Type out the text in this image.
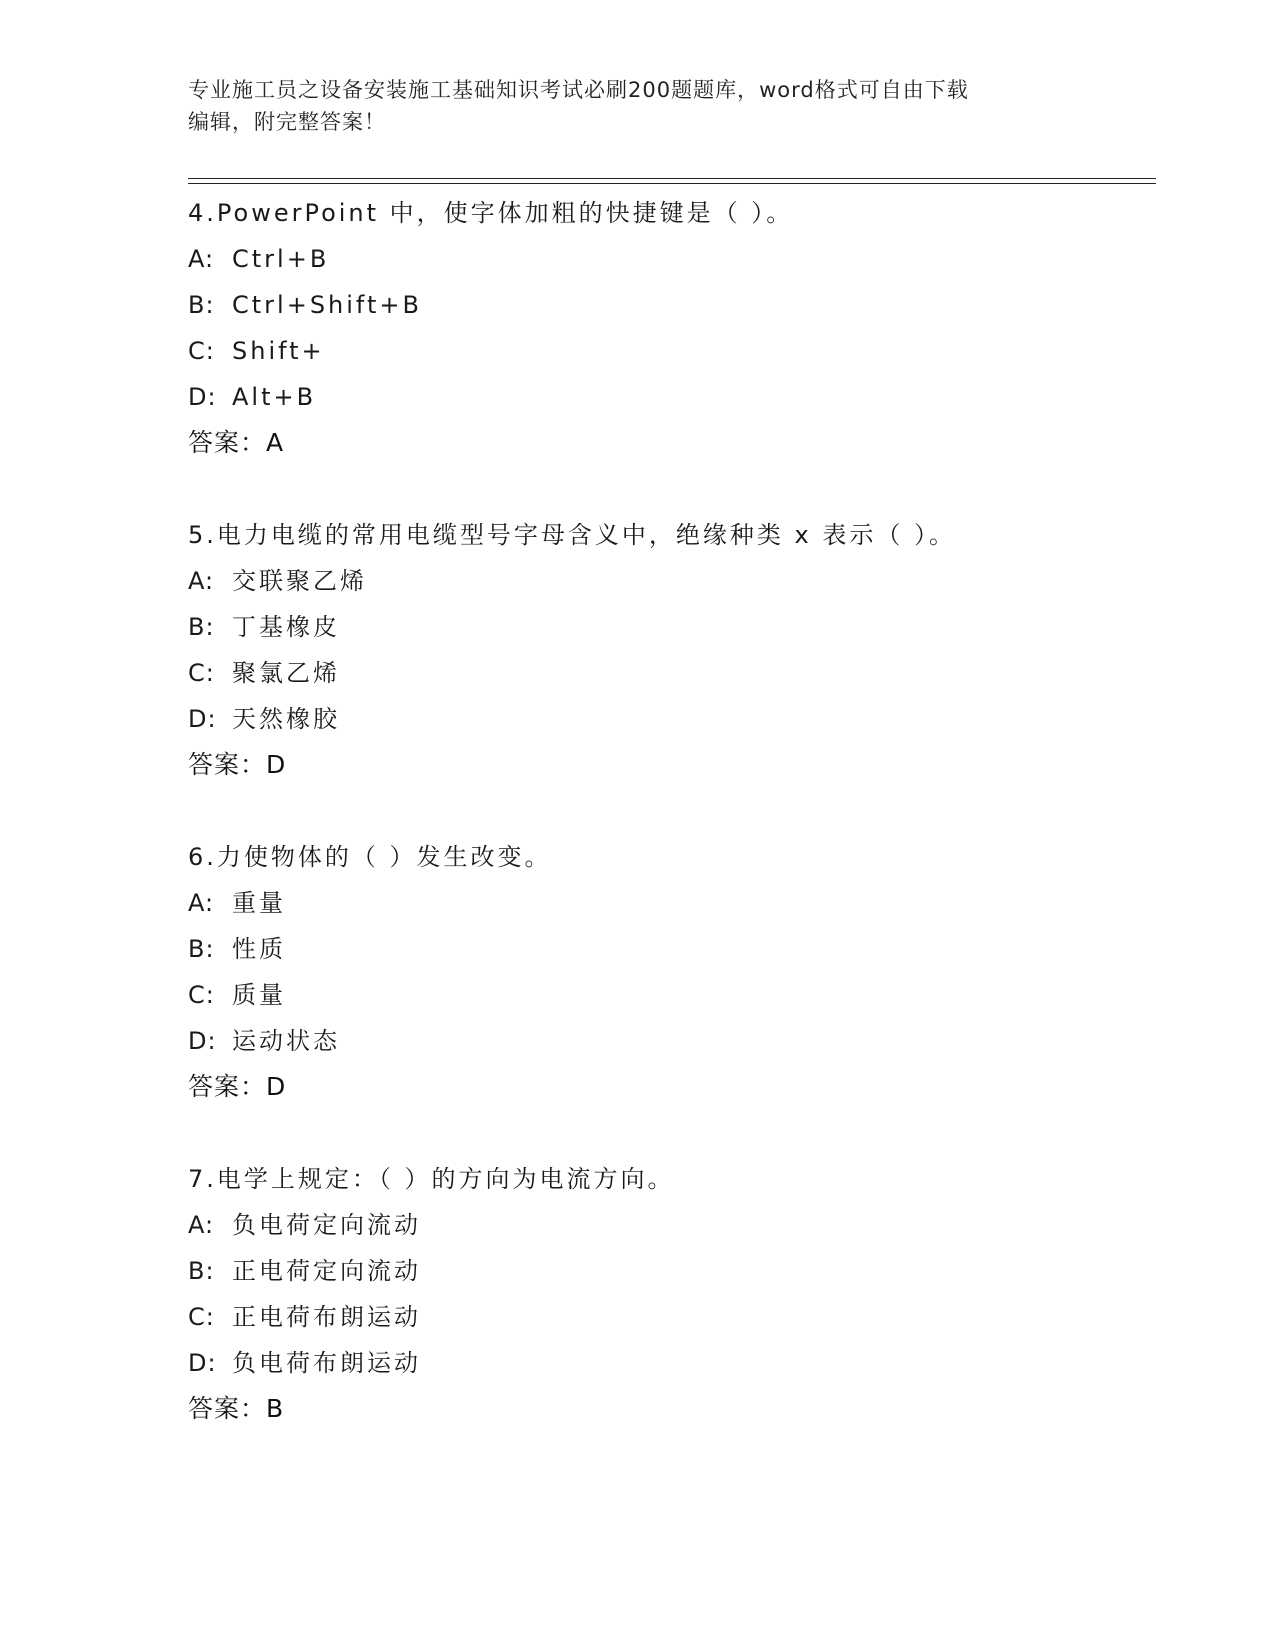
专业施工员之设备安装施工基础知识考试必刷200题题库，word格式可自由下载
编辑，附完整答案！
4.PowerPoint 中，使字体加粗的快捷键是（ ）。
A: Ctrl+B
B: Ctrl+Shift+B
C: Shift+
D: Alt+B
答案：A
5.电力电缆的常用电缆型号字母含义中，绝缘种类 x 表示（ ）。
A: 交联聚乙烯
B: 丁基橡皮
C: 聚氯乙烯
D: 天然橡胶
答案：D
6.力使物体的（ ）发生改变。
A: 重量
B: 性质
C: 质量
D: 运动状态
答案：D
7.电学上规定：（ ）的方向为电流方向。
A: 负电荷定向流动
B: 正电荷定向流动
C: 正电荷布朗运动
D: 负电荷布朗运动
答案：B
